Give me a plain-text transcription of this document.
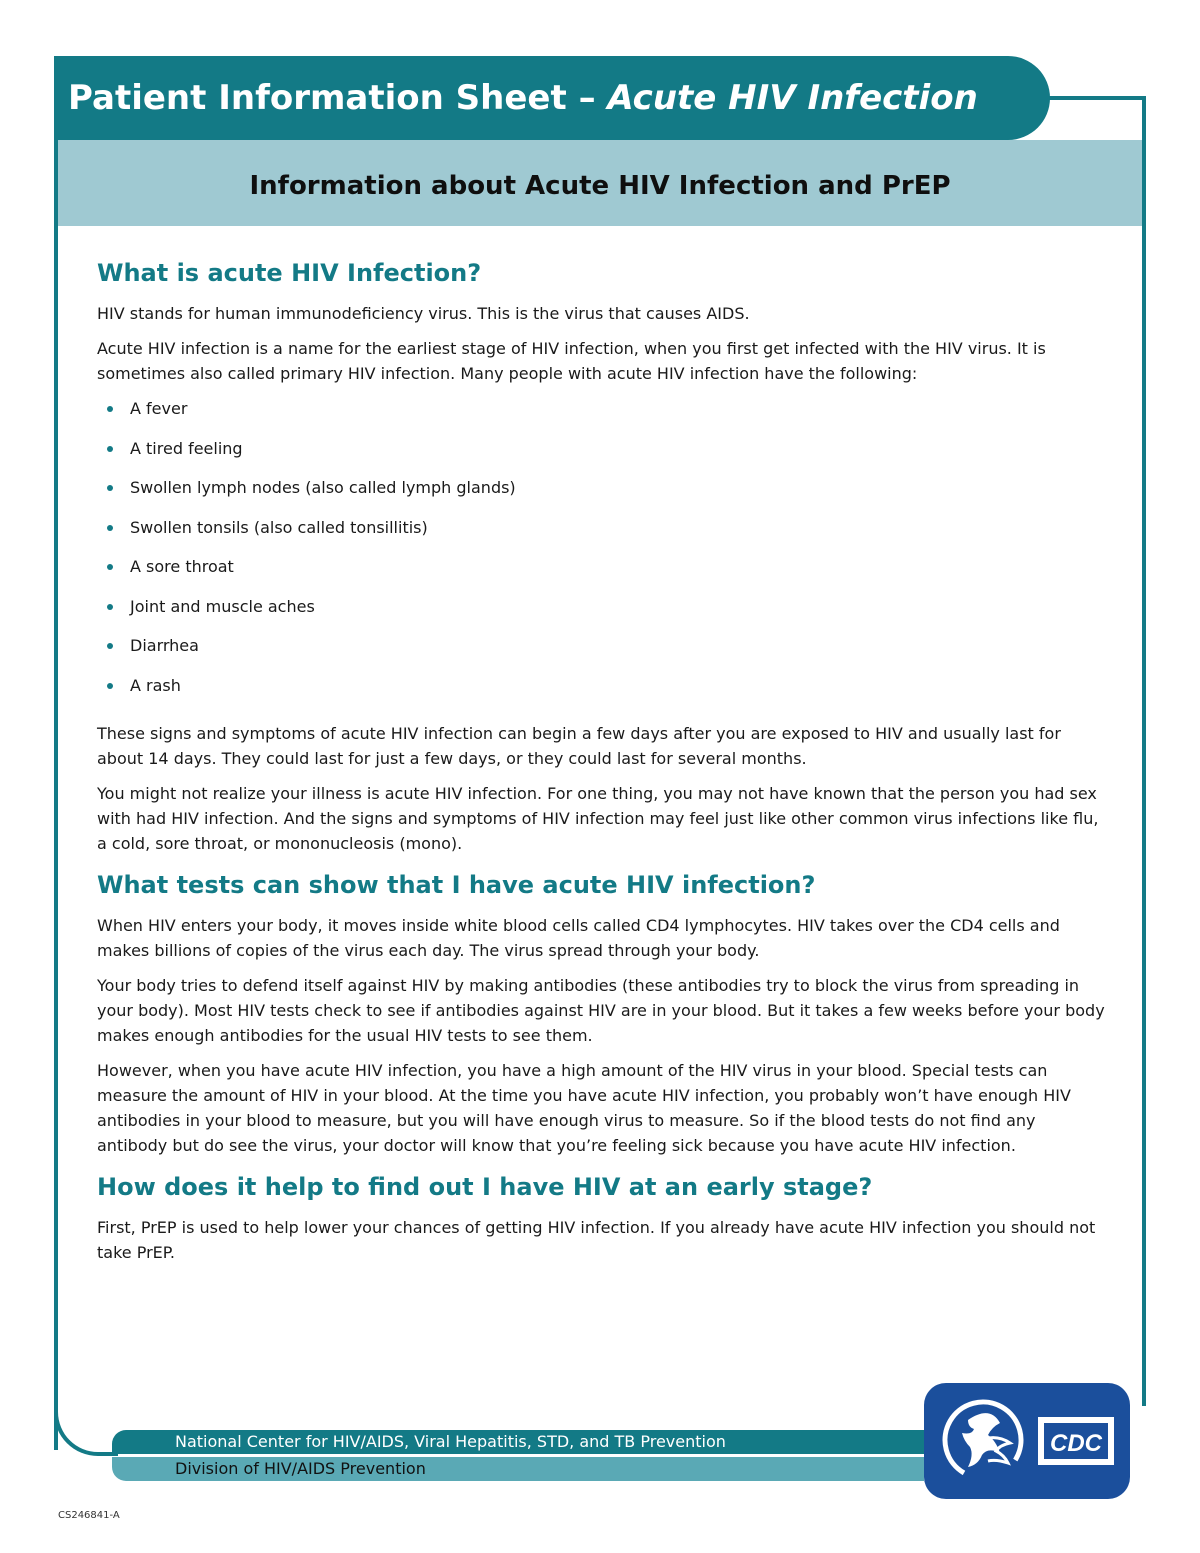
Patient Information Sheet – Acute HIV Infection
Information about Acute HIV Infection and PrEP
What is acute HIV Infection?

HIV stands for human immunodeficiency virus. This is the virus that causes AIDS.

Acute HIV infection is a name for the earliest stage of HIV infection, when you first get infected with the HIV virus. It is sometimes also called primary HIV infection. Many people with acute HIV infection have the following:

A fever
A tired feeling
Swollen lymph nodes (also called lymph glands)
Swollen tonsils (also called tonsillitis)
A sore throat
Joint and muscle aches
Diarrhea
A rash

These signs and symptoms of acute HIV infection can begin a few days after you are exposed to HIV and usually last for about 14 days. They could last for just a few days, or they could last for several months.

You might not realize your illness is acute HIV infection. For one thing, you may not have known that the person you had sex with had HIV infection. And the signs and symptoms of HIV infection may feel just like other common virus infections like flu, a cold, sore throat, or mononucleosis (mono).

What tests can show that I have acute HIV infection?

When HIV enters your body, it moves inside white blood cells called CD4 lymphocytes. HIV takes over the CD4 cells and makes billions of copies of the virus each day. The virus spread through your body.

Your body tries to defend itself against HIV by making antibodies (these antibodies try to block the virus from spreading in your body). Most HIV tests check to see if antibodies against HIV are in your blood. But it takes a few weeks before your body makes enough antibodies for the usual HIV tests to see them.

However, when you have acute HIV infection, you have a high amount of the HIV virus in your blood. Special tests can measure the amount of HIV in your blood. At the time you have acute HIV infection, you probably won’t have enough HIV antibodies in your blood to measure, but you will have enough virus to measure. So if the blood tests do not find any antibody but do see the virus, your doctor will know that you’re feeling sick because you have acute HIV infection.

How does it help to find out I have HIV at an early stage?

First, PrEP is used to help lower your chances of getting HIV infection. If you already have acute HIV infection you should not take PrEP.

National Center for HIV/AIDS, Viral Hepatitis, STD, and TB Prevention
Division of HIV/AIDS Prevention
CDC
CS246841-A
